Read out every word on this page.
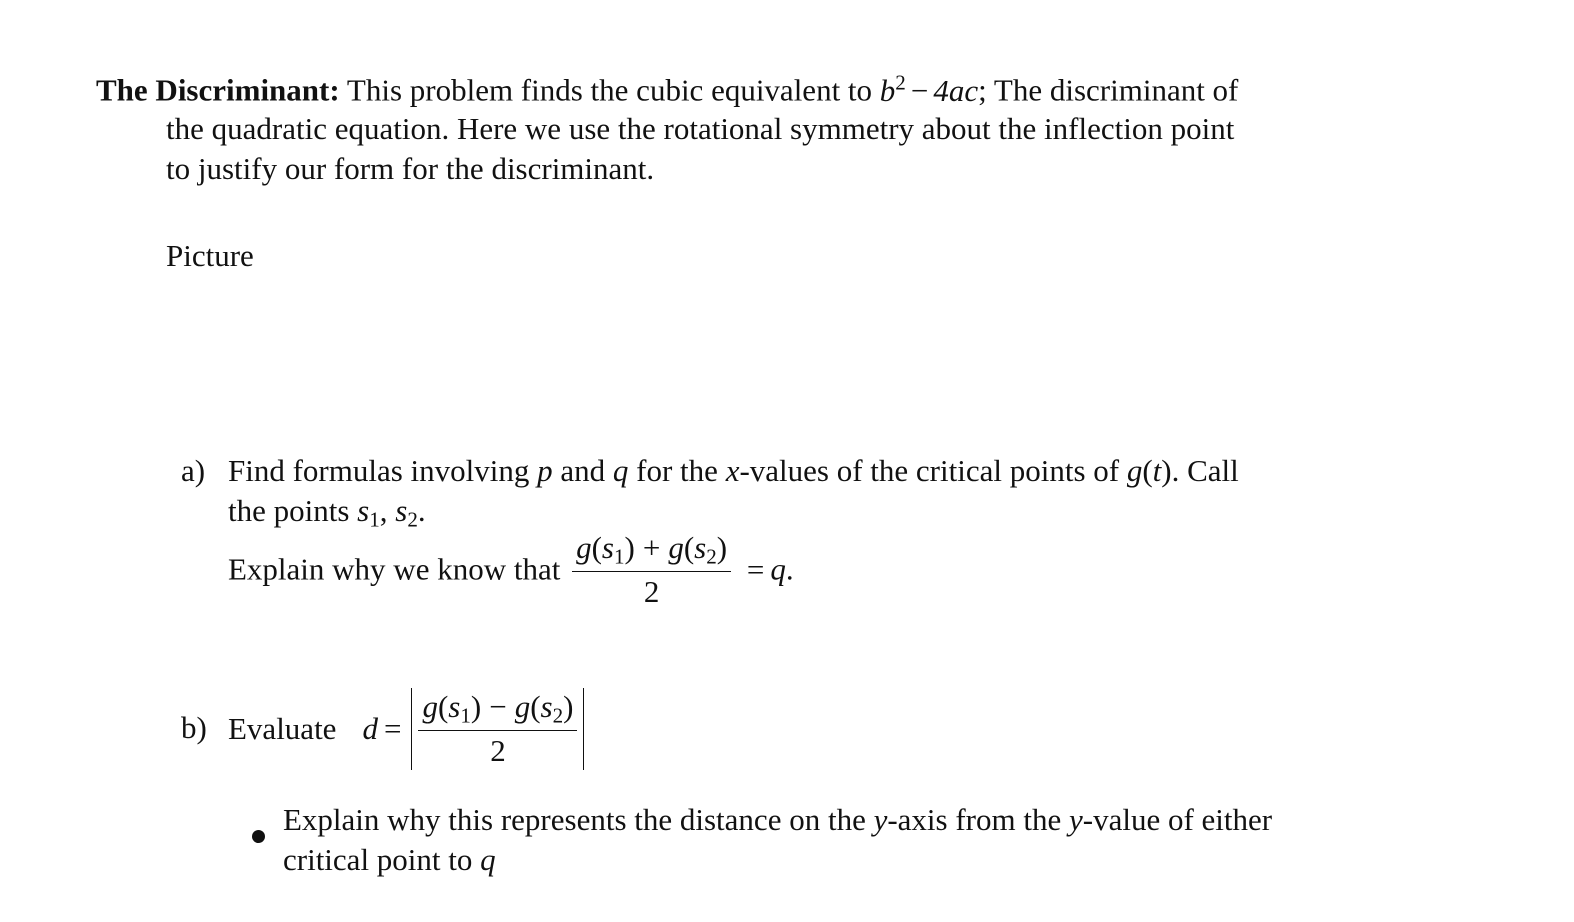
The Discriminant: This problem finds the cubic equivalent to $b^2 - 4ac$; The discriminant of
the quadratic equation. Here we use the rotational symmetry about the inflection point
to justify our form for the discriminant.
Picture
a) Find formulas involving p and q for the x-values of the critical points of g(t). Call
the points $s_1$, $s_2$.
Explain why we know that $\frac{g(s_1) + g(s_2)}{2} = q$.
b) Evaluate $d = \frac{g(s_1) - g(s_2)}{2}$
Explain why this represents the distance on the y-axis from the y-value of either
critical point to q
